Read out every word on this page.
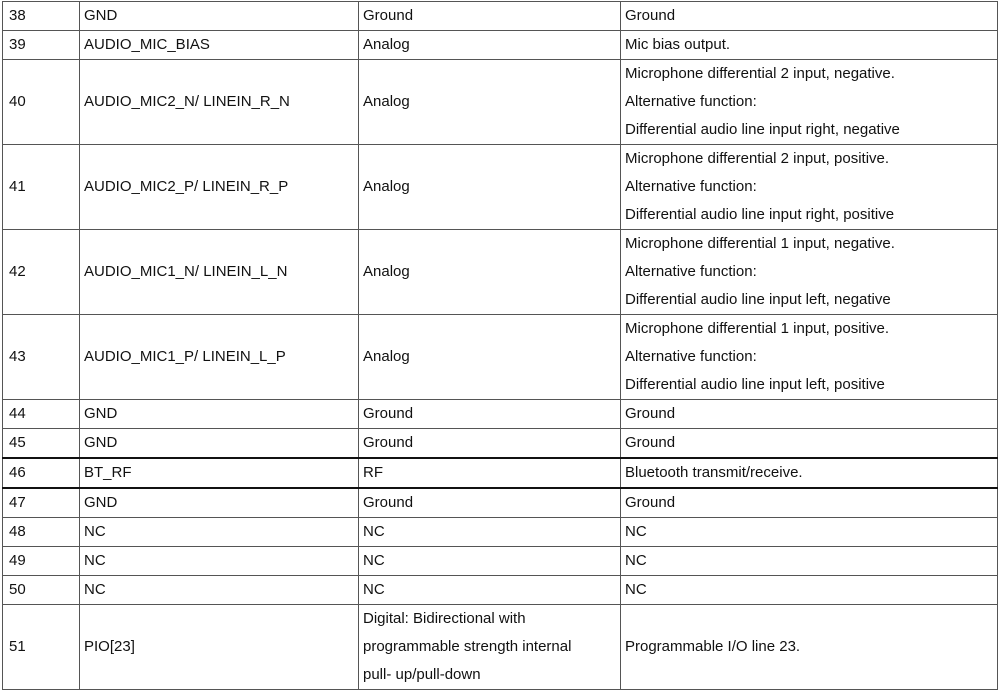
38	GND	Ground	Ground

39	AUDIO_MIC_BIAS	Analog	Mic bias output.

40	AUDIO_MIC2_N/ LINEIN_R_N	Analog	Microphone differential 2 input, negative.
Alternative function:
Differential audio line input right, negative

41	AUDIO_MIC2_P/ LINEIN_R_P	Analog	Microphone differential 2 input, positive.
Alternative function:
Differential audio line input right, positive

42	AUDIO_MIC1_N/ LINEIN_L_N	Analog	Microphone differential 1 input, negative.
Alternative function:
Differential audio line input left, negative

43	AUDIO_MIC1_P/ LINEIN_L_P	Analog	Microphone differential 1 input, positive.
Alternative function:
Differential audio line input left, positive

44	GND	Ground	Ground

45	GND	Ground	Ground

46	BT_RF	RF	Bluetooth transmit/receive.

47	GND	Ground	Ground

48	NC	NC	NC

49	NC	NC	NC

50	NC	NC	NC

51	PIO[23]	Digital: Bidirectional with
programmable strength internal
pull- up/pull-down	Programmable I/O line 23.
